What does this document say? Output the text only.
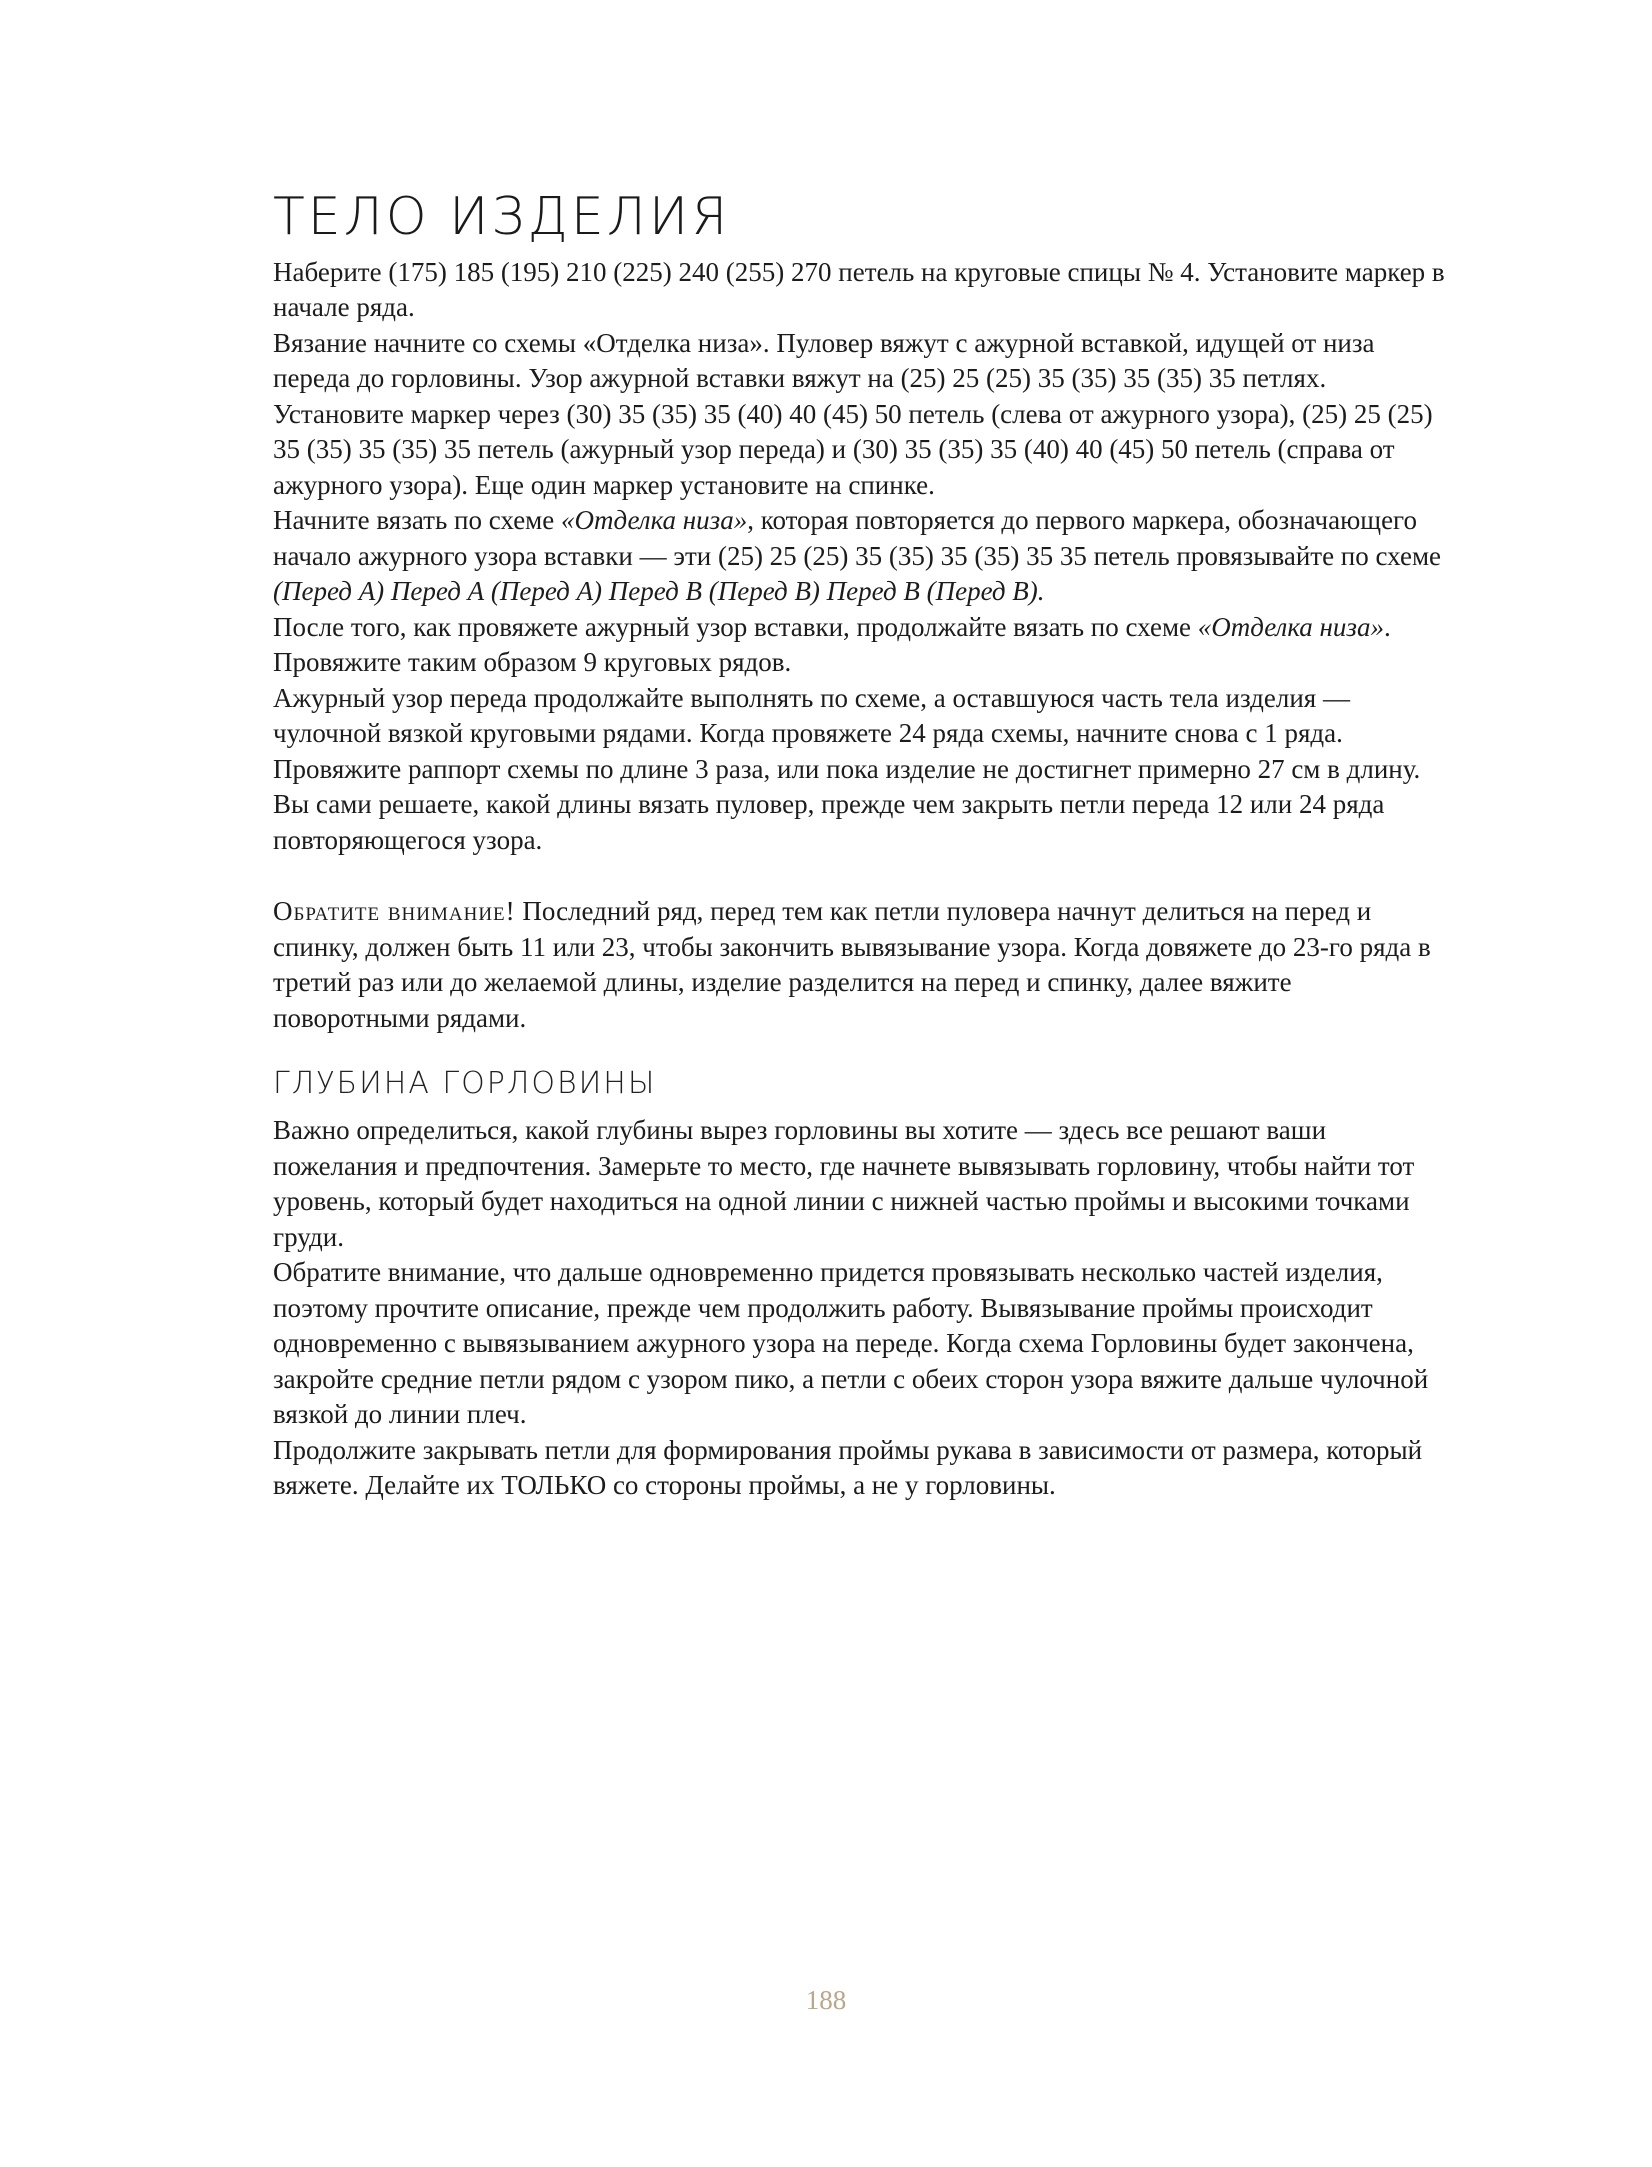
ТЕЛО ИЗДЕЛИЯ

Наберите (175) 185 (195) 210 (225) 240 (255) 270 петель на круговые спицы № 4. Установите маркер в начале ряда.

Вязание начните со схемы «Отделка низа». Пуловер вяжут с ажурной вставкой, идущей от низа переда до горловины. Узор ажурной вставки вяжут на (25) 25 (25) 35 (35) 35 (35) 35 петлях.

Установите маркер через (30) 35 (35) 35 (40) 40 (45) 50 петель (слева от ажурного узора), (25) 25 (25) 35 (35) 35 (35) 35 петель (ажурный узор переда) и (30) 35 (35) 35 (40) 40 (45) 50 петель (справа от ажурного узора). Еще один маркер установите на спинке.

Начните вязать по схеме «Отделка низа», которая повторяется до первого маркера, обозначающего начало ажурного узора вставки — эти (25) 25 (25) 35 (35) 35 (35) 35 35 петель провязывайте по схеме (Перед А) Перед А (Перед А) Перед В (Перед В) Перед В (Перед В).

После того, как провяжете ажурный узор вставки, продолжайте вязать по схеме «Отделка низа». Провяжите таким образом 9 круговых рядов.

Ажурный узор переда продолжайте выполнять по схеме, а оставшуюся часть тела изделия — чулочной вязкой круговыми рядами. Когда провяжете 24 ряда схемы, начните снова с 1 ряда. Провяжите раппорт схемы по длине 3 раза, или пока изделие не достигнет примерно 27 см в длину. Вы сами решаете, какой длины вязать пуловер, прежде чем закрыть петли переда 12 или 24 ряда повторяющегося узора.

Обратите внимание! Последний ряд, перед тем как петли пуловера начнут делиться на перед и спинку, должен быть 11 или 23, чтобы закончить вывязывание узора. Когда довяжете до 23-го ряда в третий раз или до желаемой длины, изделие разделится на перед и спинку, далее вяжите поворотными рядами.

ГЛУБИНА ГОРЛОВИНЫ

Важно определиться, какой глубины вырез горловины вы хотите — здесь все решают ваши пожелания и предпочтения. Замерьте то место, где начнете вывязывать горловину, чтобы найти тот уровень, который будет находиться на одной линии с нижней частью проймы и высокими точками груди.

Обратите внимание, что дальше одновременно придется провязывать несколько частей изделия, поэтому прочтите описание, прежде чем продолжить работу. Вывязывание проймы происходит одновременно с вывязыванием ажурного узора на переде. Когда схема Горловины будет закончена, закройте средние петли рядом с узором пико, а петли с обеих сторон узора вяжите дальше чулочной вязкой до линии плеч.

Продолжите закрывать петли для формирования проймы рукава в зависимости от размера, который вяжете. Делайте их ТОЛЬКО со стороны проймы, а не у горловины.

188
